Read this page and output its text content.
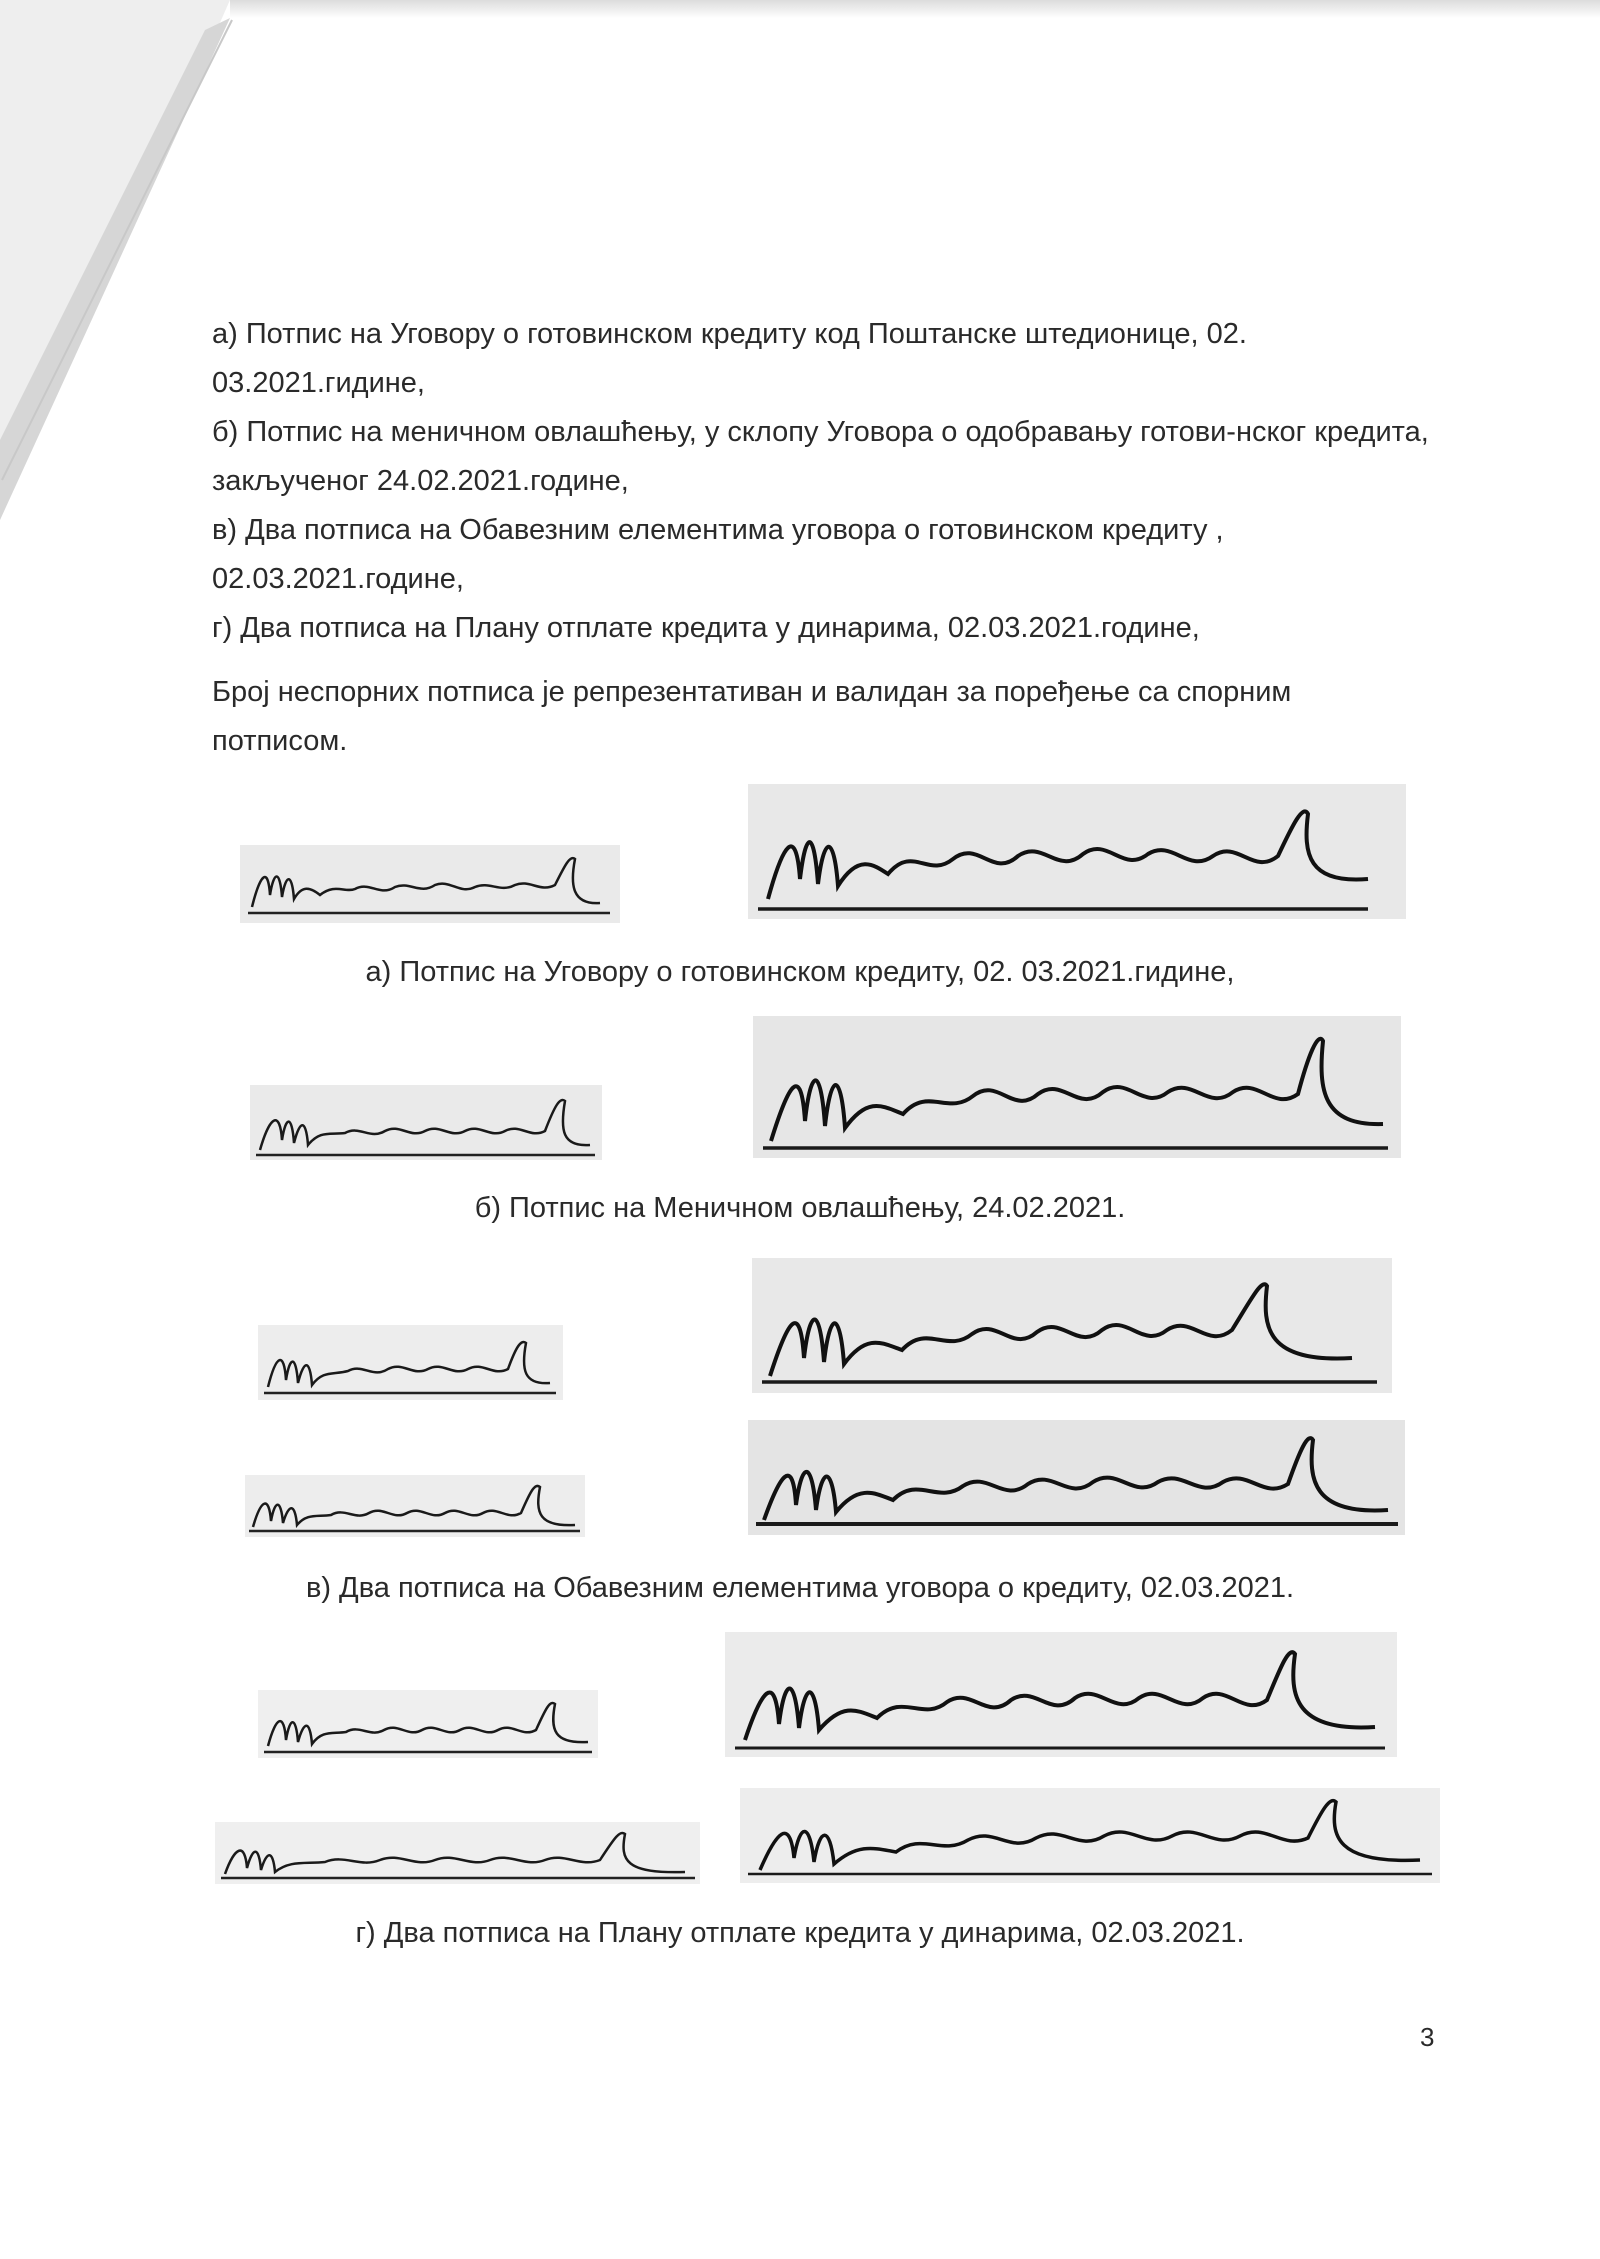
а) Потпис на Уговору о готовинском кредиту код Поштанске штедионице, 02. 03.2021.гидине,

б) Потпис на меничном овлашћењу, у склопу Уговора о одобравању готови-нског кредита, закљученог 24.02.2021.године,

в) Два потписа на Обавезним елементима уговора о готовинском кредиту , 02.03.2021.године,

г) Два потписа на Плану отплате кредита у динарима, 02.03.2021.године,

Број неспорних потписа је репрезентативан и валидан за поређење са спорним потписом.

а) Потпис на Уговору о готовинском кредиту, 02. 03.2021.гидине,
б) Потпис на Меничном овлашћењу, 24.02.2021.
в) Два потписа на Обавезним елементима уговора о кредиту, 02.03.2021.
г) Два потписа на Плану отплате кредита у динарима, 02.03.2021.
3
